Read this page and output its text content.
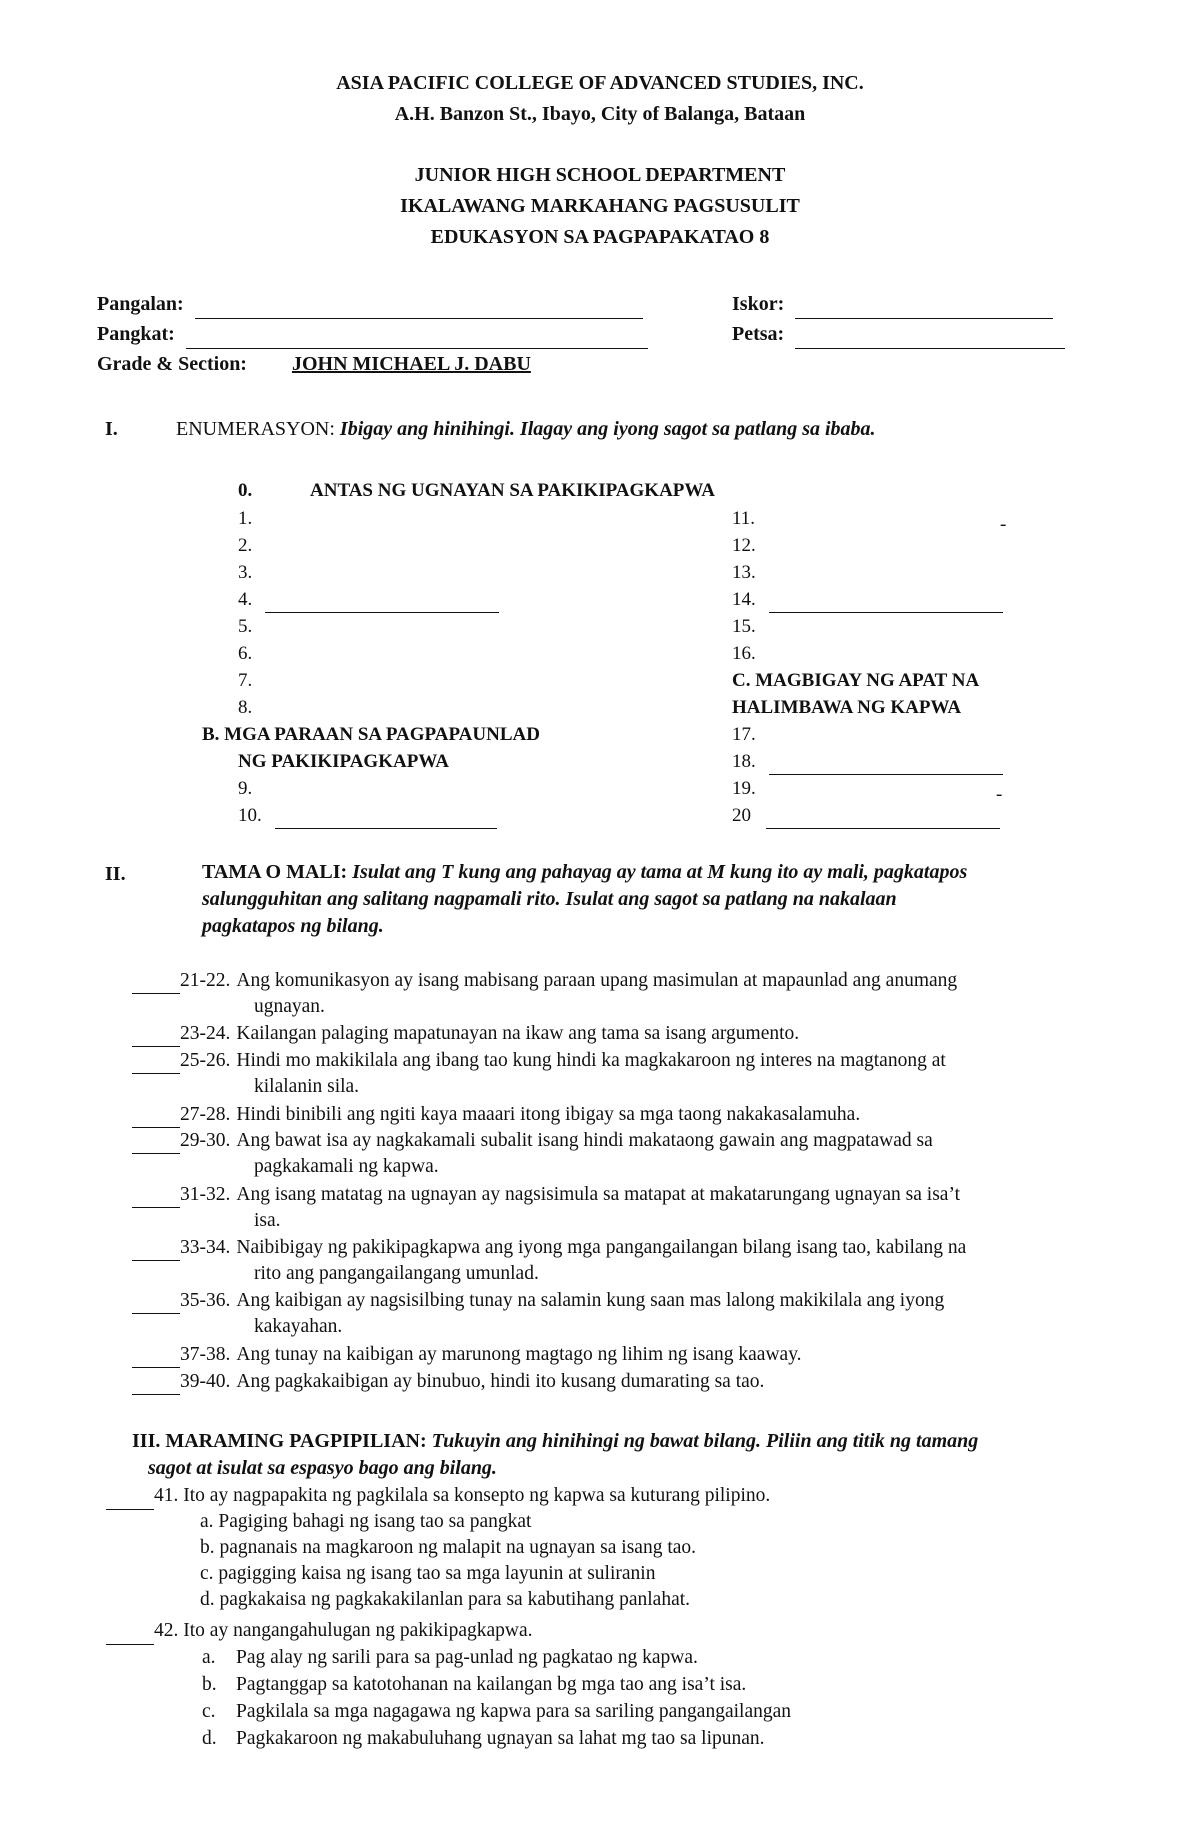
ASIA PACIFIC COLLEGE OF ADVANCED STUDIES, INC.
A.H. Banzon St., Ibayo, City of Balanga, Bataan
JUNIOR HIGH SCHOOL DEPARTMENT
IKALAWANG MARKAHANG PAGSUSULIT
EDUKASYON SA PAGPAPAKATAO 8
Pangalan:
Pangkat:
Grade & Section: JOHN MICHAEL J. DABU
Iskor:
Petsa:
I.	ENUMERASYON: Ibigay ang hinihingi. Ilagay ang iyong sagot sa patlang sa ibaba.
0.	ANTAS NG UGNAYAN SA PAKIKIPAGKAPWA
1.
2.
3.
4.
5.
6.
7.
8.
B. MGA PARAAN SA PAGPAPAUNLAD
NG PAKIKIPAGKAPWA
9.
10.
11.	-
12.
13.
14.
15.
16.
C. MAGBIGAY NG APAT NA
HALIMBAWA NG KAPWA
17.
18.
19.	-
20
II.	TAMA O MALI: Isulat ang T kung ang pahayag ay tama at M kung ito ay mali, pagkatapos
salungguhitan ang salitang nagpamali rito. Isulat ang sagot sa patlang na nakalaan
pagkatapos ng bilang.
21-22. Ang komunikasyon ay isang mabisang paraan upang masimulan at mapaunlad ang anumang
ugnayan.
23-24. Kailangan palaging mapatunayan na ikaw ang tama sa isang argumento.
25-26. Hindi mo makikilala ang ibang tao kung hindi ka magkakaroon ng interes na magtanong at
kilalanin sila.
27-28. Hindi binibili ang ngiti kaya maaari itong ibigay sa mga taong nakakasalamuha.
29-30. Ang bawat isa ay nagkakamali subalit isang hindi makataong gawain ang magpatawad sa
pagkakamali ng kapwa.
31-32. Ang isang matatag na ugnayan ay nagsisimula sa matapat at makatarungang ugnayan sa isa’t
isa.
33-34. Naibibigay ng pakikipagkapwa ang iyong mga pangangailangan bilang isang tao, kabilang na
rito ang pangangailangang umunlad.
35-36. Ang kaibigan ay nagsisilbing tunay na salamin kung saan mas lalong makikilala ang iyong
kakayahan.
37-38. Ang tunay na kaibigan ay marunong magtago ng lihim ng isang kaaway.
39-40. Ang pagkakaibigan ay binubuo, hindi ito kusang dumarating sa tao.
III. MARAMING PAGPIPILIAN: Tukuyin ang hinihingi ng bawat bilang. Piliin ang titik ng tamang
sagot at isulat sa espasyo bago ang bilang.
41. Ito ay nagpapakita ng pagkilala sa konsepto ng kapwa sa kuturang pilipino.
a. Pagiging bahagi ng isang tao sa pangkat
b. pagnanais na magkaroon ng malapit na ugnayan sa isang tao.
c. pagigging kaisa ng isang tao sa mga layunin at suliranin
d. pagkakaisa ng pagkakakilanlan para sa kabutihang panlahat.
42. Ito ay nangangahulugan ng pakikipagkapwa.
a. Pag alay ng sarili para sa pag-unlad ng pagkatao ng kapwa.
b. Pagtanggap sa katotohanan na kailangan bg mga tao ang isa’t isa.
c. Pagkilala sa mga nagagawa ng kapwa para sa sariling pangangailangan
d. Pagkakaroon ng makabuluhang ugnayan sa lahat mg tao sa lipunan.
